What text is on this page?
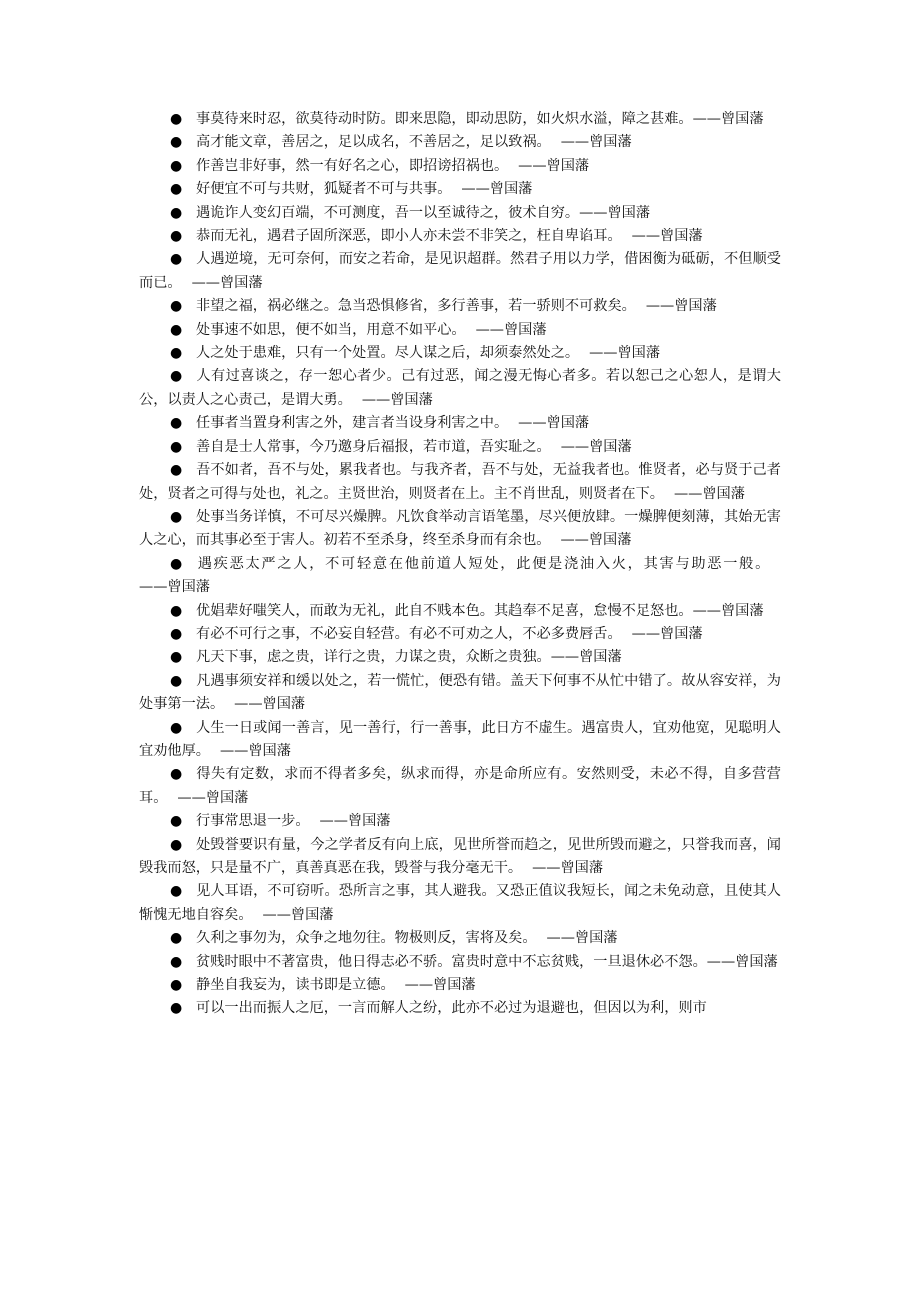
● 事莫待来时忍，欲莫待动时防。即来思隐，即动思防，如火炽水溢，障之甚难。——曾国藩

● 高才能文章，善居之，足以成名，不善居之，足以致祸。 ——曾国藩

● 作善岂非好事，然一有好名之心，即招谤招祸也。 ——曾国藩

● 好便宜不可与共财，狐疑者不可与共事。 ——曾国藩

● 遇诡诈人变幻百端，不可测度，吾一以至诚待之，彼术自穷。——曾国藩

● 恭而无礼，遇君子固所深恶，即小人亦未尝不非笑之，枉自卑谄耳。 ——曾国藩

● 人遇逆境，无可奈何，而安之若命，是见识超群。然君子用以力学，借困衡为砥砺，不但顺受而已。 ——曾国藩

● 非望之福，祸必继之。急当恐惧修省，多行善事，若一骄则不可救矣。 ——曾国藩

● 处事速不如思，便不如当，用意不如平心。 ——曾国藩

● 人之处于患难，只有一个处置。尽人谋之后，却须泰然处之。 ——曾国藩

● 人有过喜谈之，存一恕心者少。己有过恶，闻之漫无悔心者多。若以恕己之心恕人，是谓大公，以责人之心责己，是谓大勇。 ——曾国藩

● 任事者当置身利害之外，建言者当设身利害之中。 ——曾国藩

● 善自是士人常事，今乃邀身后福报，若市道，吾实耻之。 ——曾国藩

● 吾不如者，吾不与处，累我者也。与我齐者，吾不与处，无益我者也。惟贤者，必与贤于己者处，贤者之可得与处也，礼之。主贤世治，则贤者在上。主不肖世乱，则贤者在下。 ——曾国藩

● 处事当务详慎，不可尽兴燥脾。凡饮食举动言语笔墨，尽兴便放肆。一燥脾便刻薄，其始无害人之心，而其事必至于害人。初若不至杀身，终至杀身而有余也。 ——曾国藩

● 遇疾恶太严之人，不可轻意在他前道人短处，此便是浇油入火，其害与助恶一般。——曾国藩

● 优娼辈好嗤笑人，而敢为无礼，此自不贱本色。其趋奉不足喜，怠慢不足怒也。——曾国藩

● 有必不可行之事，不必妄自轻营。有必不可劝之人，不必多费唇舌。 ——曾国藩

● 凡天下事，虑之贵，详行之贵，力谋之贵，众断之贵独。——曾国藩

● 凡遇事须安祥和缓以处之，若一慌忙，便恐有错。盖天下何事不从忙中错了。故从容安祥，为处事第一法。 ——曾国藩

● 人生一日或闻一善言，见一善行，行一善事，此日方不虚生。遇富贵人，宜劝他宽，见聪明人宜劝他厚。 ——曾国藩

● 得失有定数，求而不得者多矣，纵求而得，亦是命所应有。安然则受，未必不得，自多营营耳。 ——曾国藩

● 行事常思退一步。 ——曾国藩

● 处毁誉要识有量，今之学者反有向上底，见世所誉而趋之，见世所毁而避之，只誉我而喜，闻毁我而怒，只是量不广，真善真恶在我，毁誉与我分毫无干。 ——曾国藩

● 见人耳语，不可窃听。恐所言之事，其人避我。又恐正值议我短长，闻之未免动意，且使其人惭愧无地自容矣。 ——曾国藩

● 久利之事勿为，众争之地勿往。物极则反，害将及矣。 ——曾国藩

● 贫贱时眼中不著富贵，他日得志必不骄。富贵时意中不忘贫贱，一旦退休必不怨。——曾国藩

● 静坐自我妄为，读书即是立德。 ——曾国藩

● 可以一出而振人之厄，一言而解人之纷，此亦不必过为退避也，但因以为利，则市
